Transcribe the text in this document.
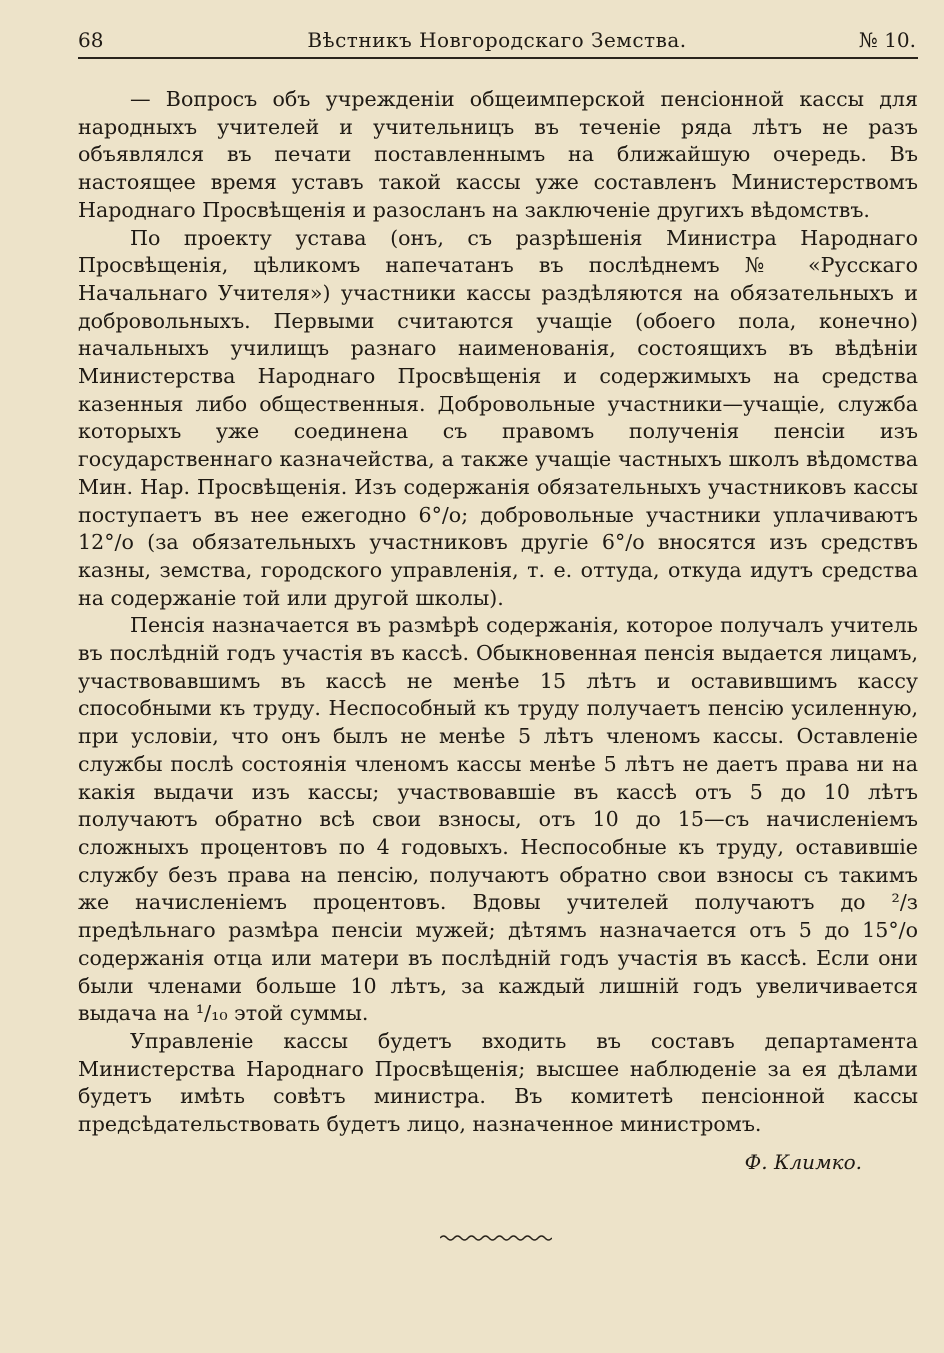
68	Вѣстникъ Новгородскаго Земства.	№ 10.

— Вопросъ объ учрежденіи общеимперской пенсіонной кассы для народныхъ учителей и учительницъ въ теченіе ряда лѣтъ не разъ объявлялся въ печати поставленнымъ на ближайшую очередь. Въ настоящее время уставъ такой кассы уже составленъ Министерствомъ Народнаго Просвѣщенія и разосланъ на заключеніе другихъ вѣдомствъ.

По проекту устава (онъ, съ разрѣшенія Министра Народнаго Просвѣщенія, цѣликомъ напечатанъ въ послѣднемъ № «Русскаго Начальнаго Учителя») участники кассы раздѣляются на обязательныхъ и добровольныхъ. Первыми считаются учащіе (обоего пола, конечно) начальныхъ училищъ разнаго наименованія, состоящихъ въ вѣдѣніи Министерства Народнаго Просвѣщенія и содержимыхъ на средства казенныя либо общественныя. Добровольные участники—учащіе, служба которыхъ уже соединена съ правомъ полученія пенсіи изъ государственнаго казначейства, а также учащіе частныхъ школъ вѣдомства Мин. Нар. Просвѣщенія. Изъ содержанія обязательныхъ участниковъ кассы поступаетъ въ нее ежегодно 6°/о; добровольные участники уплачиваютъ 12°/о (за обязательныхъ участниковъ другіе 6°/о вносятся изъ средствъ казны, земства, городского управленія, т. е. оттуда, откуда идутъ средства на содержаніе той или другой школы).

Пенсія назначается въ размѣрѣ содержанія, которое получалъ учитель въ послѣдній годъ участія въ кассѣ. Обыкновенная пенсія выдается лицамъ, участвовавшимъ въ кассѣ не менѣе 15 лѣтъ и оставившимъ кассу способными къ труду. Неспособный къ труду получаетъ пенсію усиленную, при условіи, что онъ былъ не менѣе 5 лѣтъ членомъ кассы. Оставленіе службы послѣ состоянія членомъ кассы менѣе 5 лѣтъ не даетъ права ни на какія выдачи изъ кассы; участвовавшіе въ кассѣ отъ 5 до 10 лѣтъ получаютъ обратно всѣ свои взносы, отъ 10 до 15—съ начисленіемъ сложныхъ процентовъ по 4 годовыхъ. Неспособные къ труду, оставившіе службу безъ права на пенсію, получаютъ обратно свои взносы съ такимъ же начисленіемъ процентовъ. Вдовы учителей получаютъ до ²/з предѣльнаго размѣра пенсіи мужей; дѣтямъ назначается отъ 5 до 15°/о содержанія отца или матери въ послѣдній годъ участія въ кассѣ. Если они были членами больше 10 лѣтъ, за каждый лишній годъ увеличивается выдача на ¹/₁₀ этой суммы.

Управленіе кассы будетъ входить въ составъ департамента Министерства Народнаго Просвѣщенія; высшее наблюденіе за ея дѣлами будетъ имѣть совѣтъ министра. Въ комитетѣ пенсіонной кассы предсѣдательствовать будетъ лицо, назначенное министромъ.

Ф. Климко.
